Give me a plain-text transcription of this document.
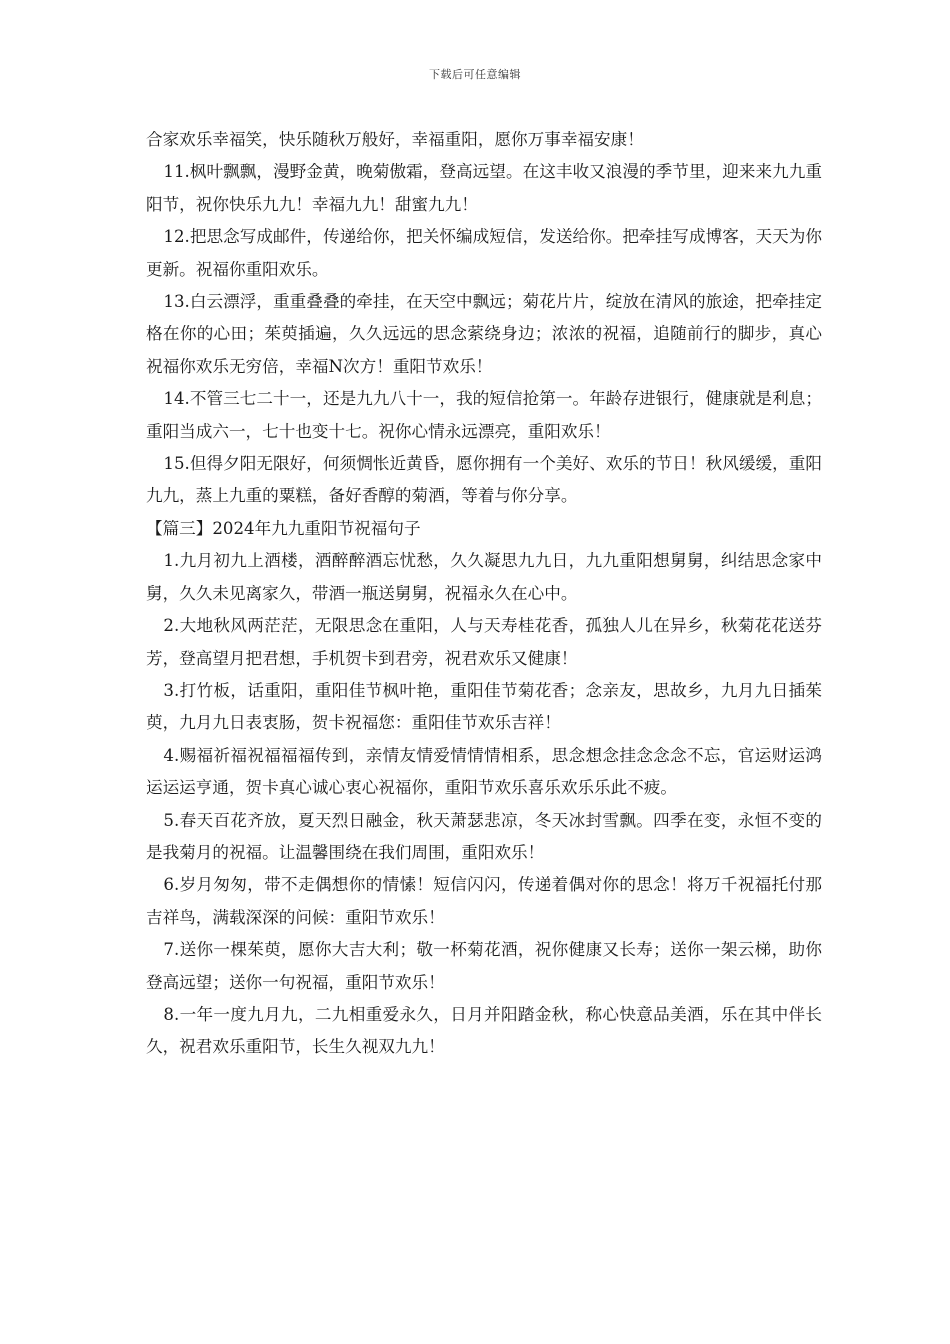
下载后可任意编辑

合家欢乐幸福笑，快乐随秋万般好，幸福重阳，愿你万事幸福安康！

11.枫叶飘飘，漫野金黄，晚菊傲霜，登高远望。在这丰收又浪漫的季节里，迎来来九九重阳节，祝你快乐九九！幸福九九！甜蜜九九！

12.把思念写成邮件，传递给你，把关怀编成短信，发送给你。把牵挂写成博客，天天为你更新。祝福你重阳欢乐。

13.白云漂浮，重重叠叠的牵挂，在天空中飘远；菊花片片，绽放在清风的旅途，把牵挂定格在你的心田；茱萸插遍，久久远远的思念萦绕身边；浓浓的祝福，追随前行的脚步，真心祝福你欢乐无穷倍，幸福N次方！重阳节欢乐！

14.不管三七二十一，还是九九八十一，我的短信抢第一。年龄存进银行，健康就是利息；重阳当成六一，七十也变十七。祝你心情永远漂亮，重阳欢乐！

15.但得夕阳无限好，何须惆怅近黄昏，愿你拥有一个美好、欢乐的节日！秋风缓缓，重阳九九，蒸上九重的粟糕，备好香醇的菊酒，等着与你分享。

【篇三】2024年九九重阳节祝福句子

1.九月初九上酒楼，酒醉醉酒忘忧愁，久久凝思九九日，九九重阳想舅舅，纠结思念家中舅，久久未见离家久，带酒一瓶送舅舅，祝福永久在心中。

2.大地秋风两茫茫，无限思念在重阳，人与天寿桂花香，孤独人儿在异乡，秋菊花花送芬芳，登高望月把君想，手机贺卡到君旁，祝君欢乐又健康！

3.打竹板，话重阳，重阳佳节枫叶艳，重阳佳节菊花香；念亲友，思故乡，九月九日插茱萸，九月九日表衷肠，贺卡祝福您：重阳佳节欢乐吉祥！

4.赐福祈福祝福福福传到，亲情友情爱情情情相系，思念想念挂念念念不忘，官运财运鸿运运运亨通，贺卡真心诚心衷心祝福你，重阳节欢乐喜乐欢乐乐此不疲。

5.春天百花齐放，夏天烈日融金，秋天萧瑟悲凉，冬天冰封雪飘。四季在变，永恒不变的是我菊月的祝福。让温馨围绕在我们周围，重阳欢乐！

6.岁月匆匆，带不走偶想你的情愫！短信闪闪，传递着偶对你的思念！将万千祝福托付那吉祥鸟，满载深深的问候：重阳节欢乐！

7.送你一棵茱萸，愿你大吉大利；敬一杯菊花酒，祝你健康又长寿；送你一架云梯，助你登高远望；送你一句祝福，重阳节欢乐！

8.一年一度九月九，二九相重爱永久，日月并阳踏金秋，称心快意品美酒，乐在其中伴长久，祝君欢乐重阳节，长生久视双九九！
